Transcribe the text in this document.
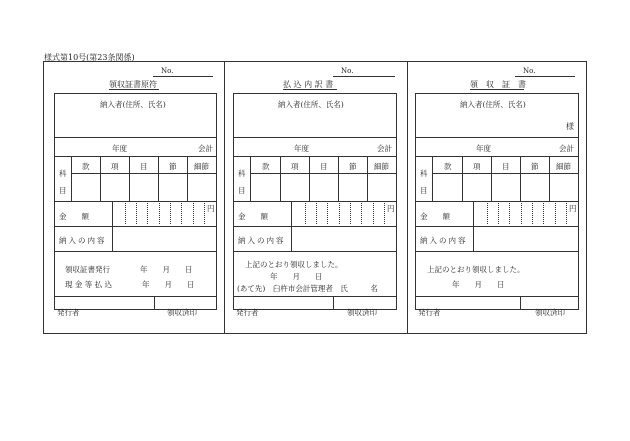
様式第10号(第23条関係)
No.
領収証書原符
納入者(住所、氏名)
年度	会計
科
目
款	項	目	節 細節
金　　額
円
納入の内容
領収証書発行　　　　年　　月　　日
現 金 等 払 込　　　　年　　月　　日
発行者	領収済印
No.
払 込 内 訳 書
納入者(住所、氏名)
年度	会計
科
目
款	項	目	節 細節
金　　額
円
納入の内容
上記のとおり領収しました。
年　　月　　日
(あて先)　臼杵市会計管理者　氏　　　名
発行者	領収済印
No.
領　収　証　書
納入者(住所、氏名)
様
年度	会計
科
目
款	項	目	節 細節
金　　額
円
納入の内容
上記のとおり領収しました。
年　　月　　日
発行者	領収済印
